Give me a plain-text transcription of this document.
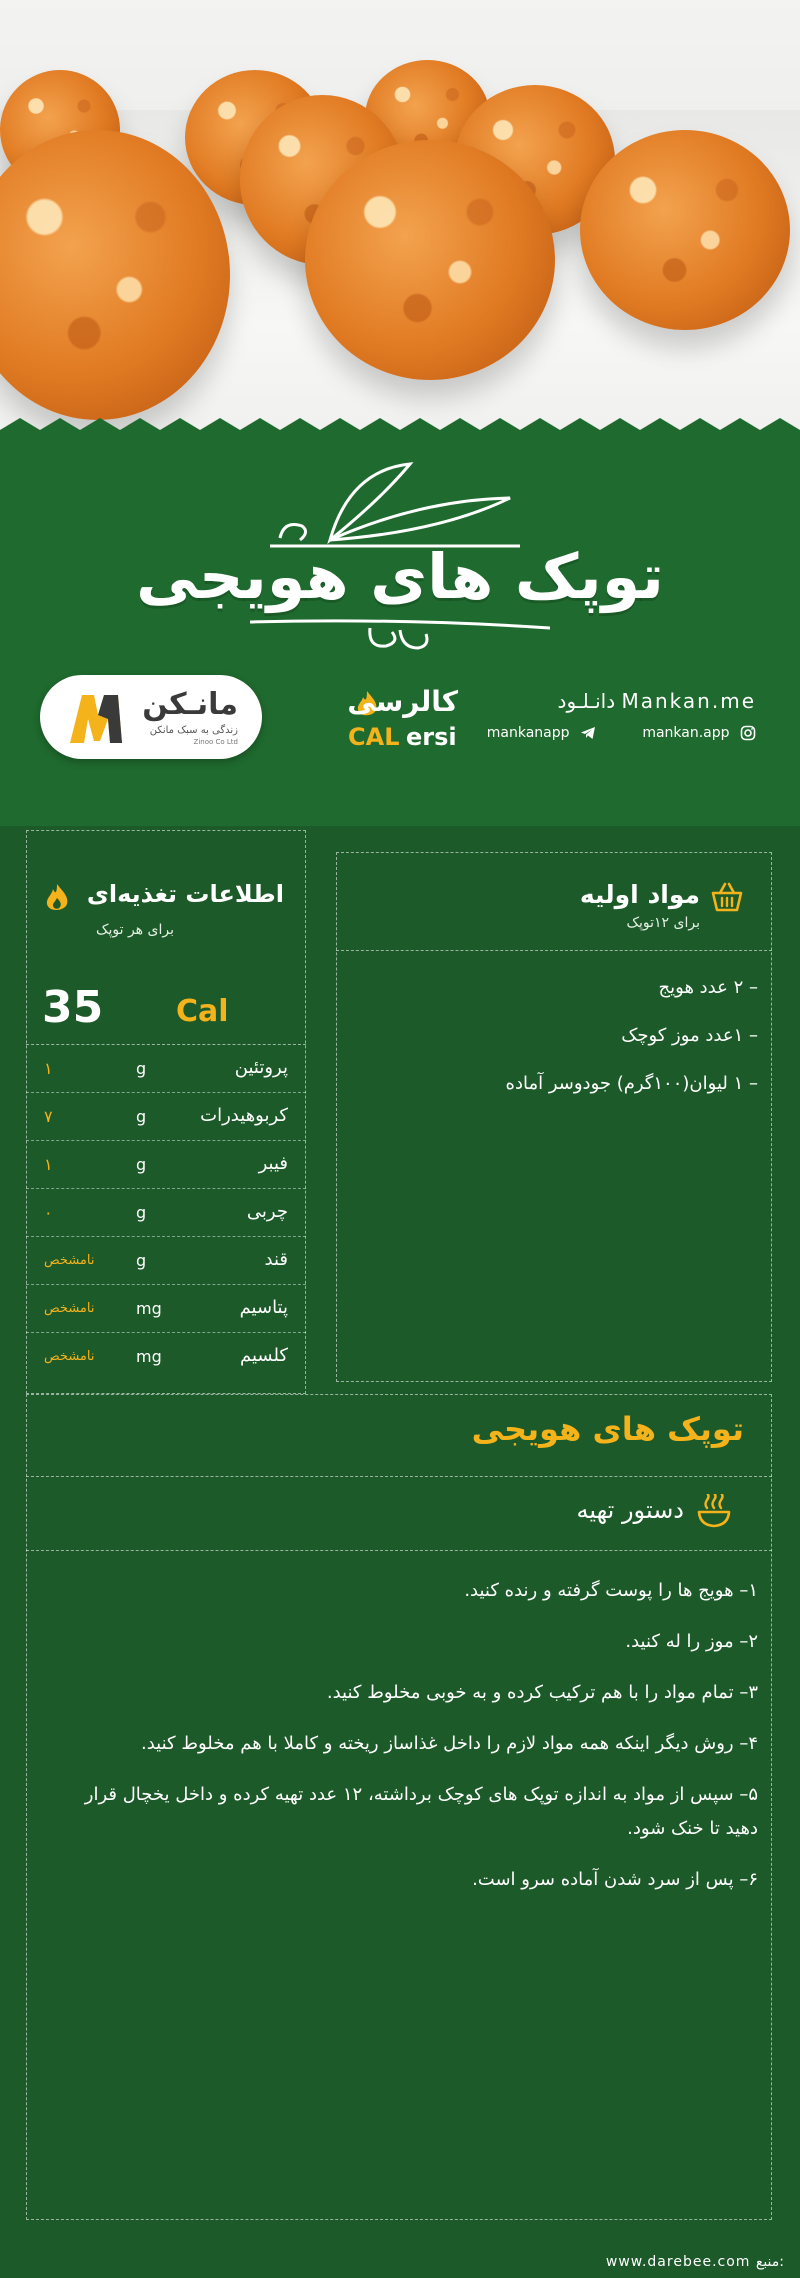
توپک های هویجی
مانـکن
زندگی به سبک مانکن
Zinoo Co Ltd
کالرسی
CAL ersi
دانـلـود Mankan.me
mankan.app
mankanapp
مواد اولیه
برای ۱۲توپک
– ۲ عدد هویج
– ۱عدد موز کوچک
– ۱ لیوان(۱۰۰گرم) جودوسر آماده
اطلاعات تغذیه‌ای
برای هر توپک
35 Cal
۱	g	پروتئین
۷	g	کربوهیدرات
۱	g	فیبر
۰	g	چربی
نامشخص	g	قند
نامشخص	mg	پتاسیم
نامشخص	mg	کلسیم
توپک های هویجی
دستور تهیه
۱– هویج ها را پوست گرفته و رنده کنید.
۲– موز را له کنید.
۳– تمام مواد را با هم ترکیب کرده و به خوبی مخلوط کنید.
۴– روش دیگر اینکه همه مواد لازم را داخل غذاساز ریخته و کاملا با هم مخلوط کنید.
۵– سپس از مواد به اندازه توپک های کوچک برداشته، ۱۲ عدد تهیه کرده و داخل یخچال قرار دهید تا خنک شود.
۶– پس از سرد شدن آماده سرو است.
www.darebee.com منبع:
